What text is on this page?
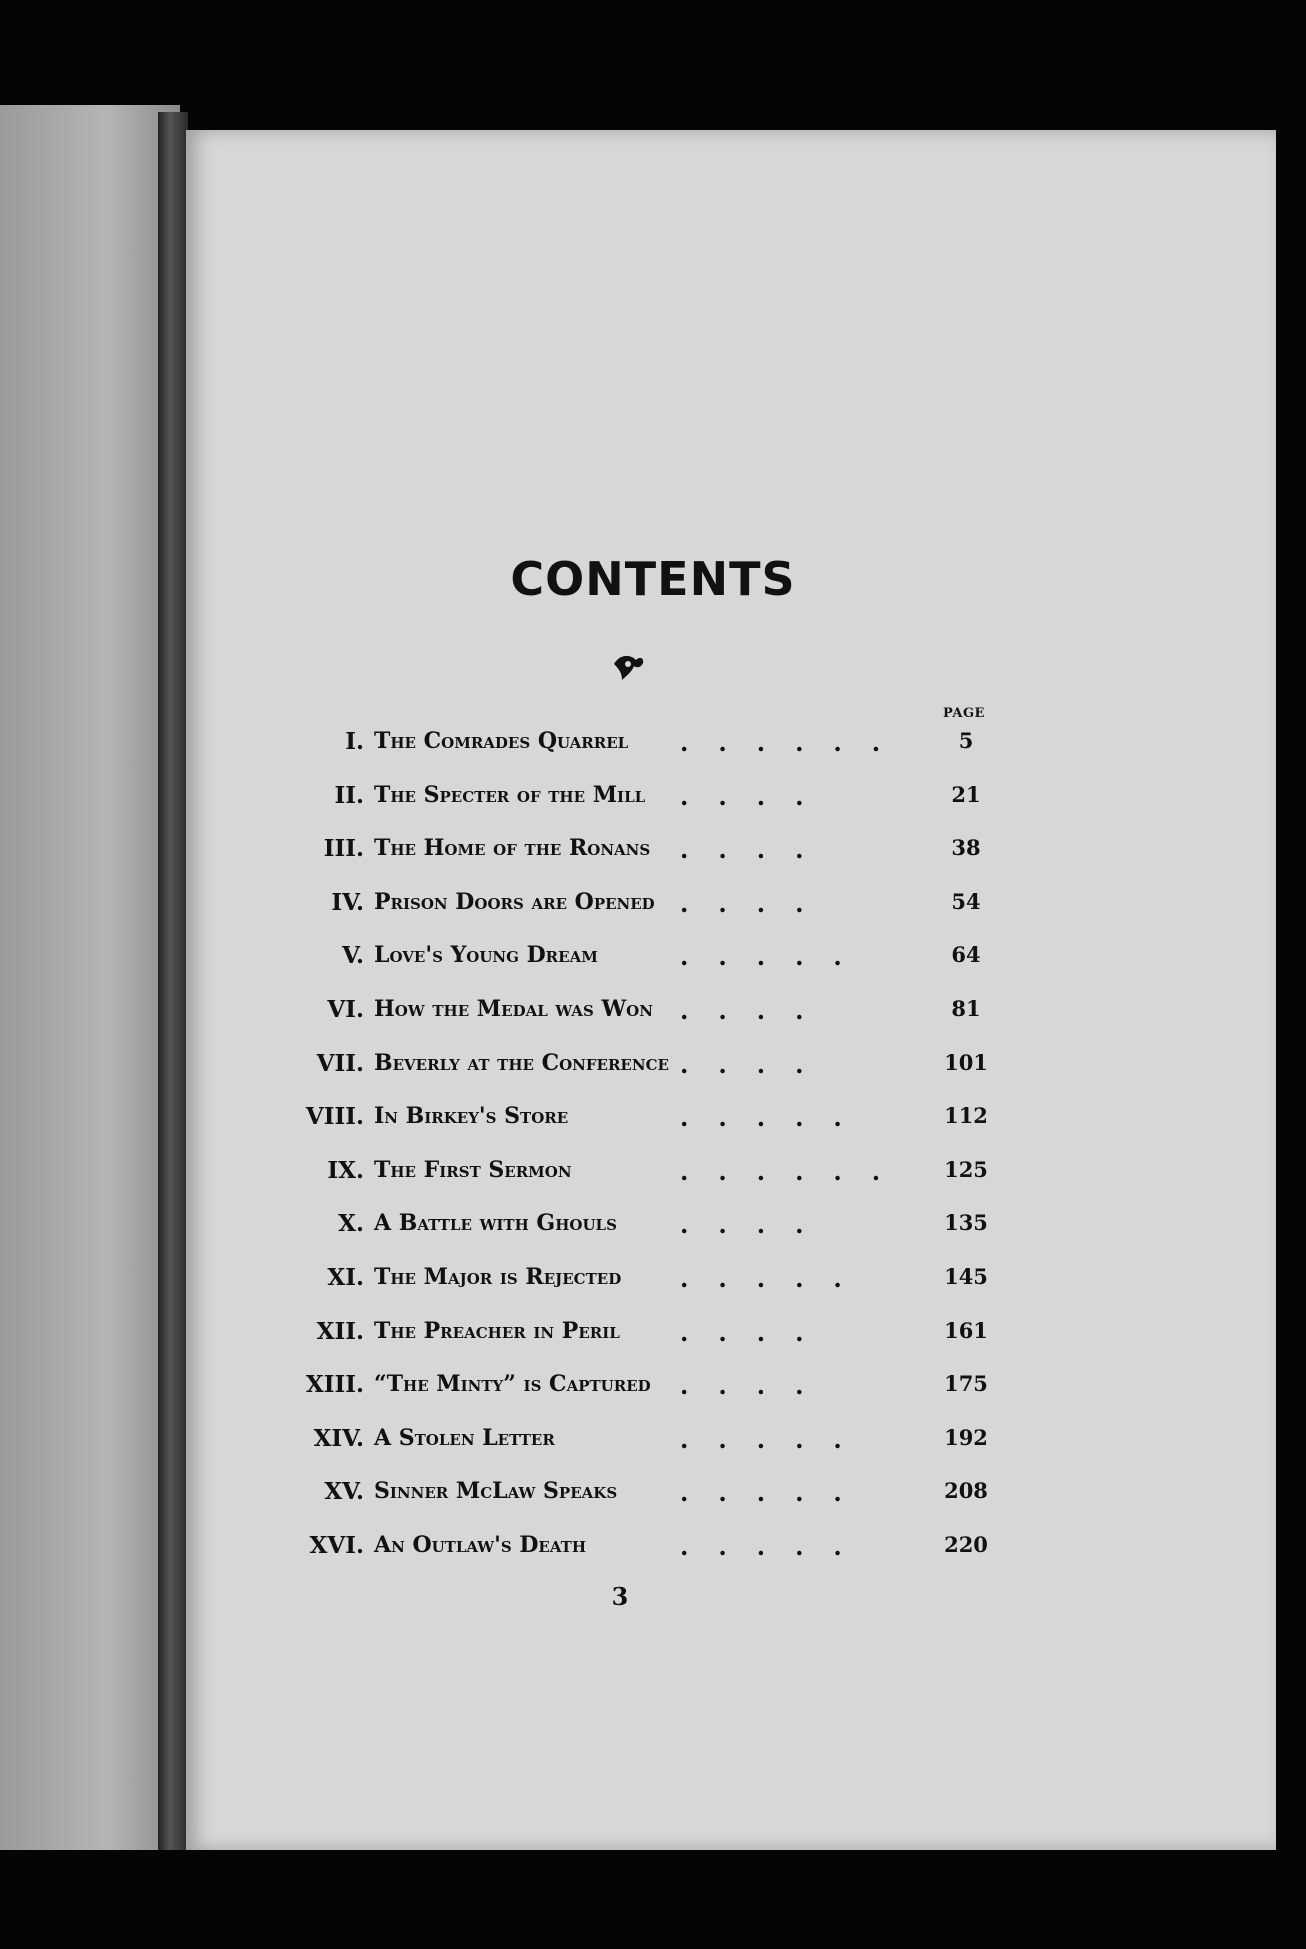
CONTENTS
PAGE
I. The Comrades Quarrel ......	5
II. The Specter of the Mill ....	21
III. The Home of the Ronans ....	38
IV. Prison Doors are Opened ....	54
V. Love's Young Dream	.....	64
VI. How the Medal was Won ....	81
VII. Beverly at the Conference ....	101
VIII. In Birkey's Store	.....	112
IX. The First Sermon	......	125
X. A Battle with Ghouls	....	135
XI. The Major is Rejected .....	145
XII. The Preacher in Peril	....	161
XIII. “The Minty” is Captured ....	175
XIV. A Stolen Letter	.....	192
XV. Sinner McLaw Speaks	.....	208
XVI. An Outlaw's Death	.....	220
3
